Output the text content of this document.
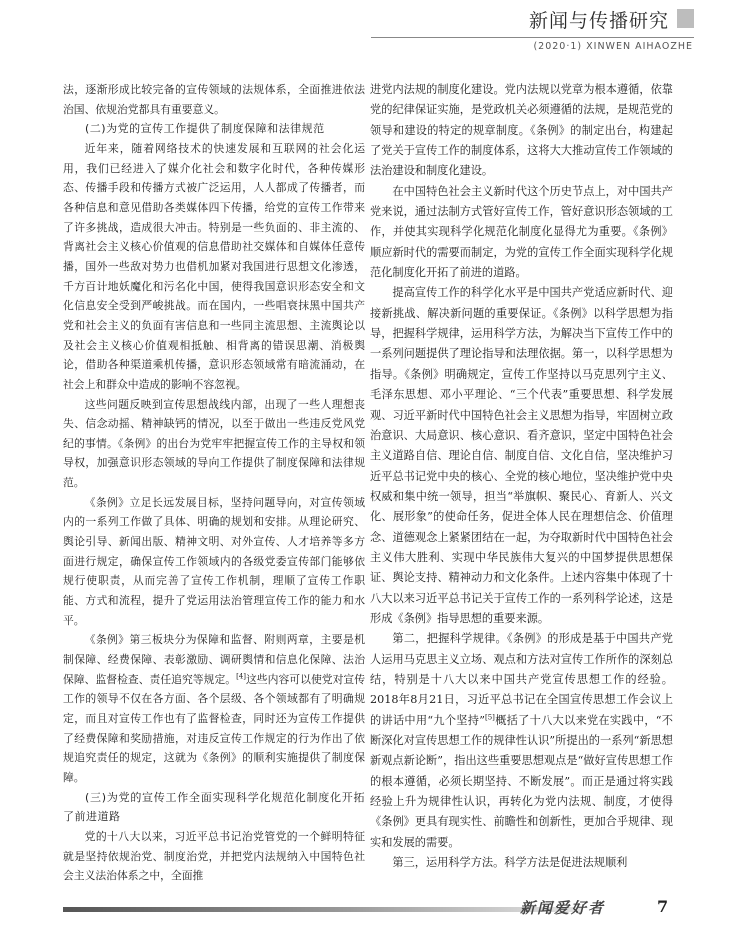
新闻与传播研究
(2020·1) XINWEN AIHAOZHE

法，逐渐形成比较完备的宣传领域的法规体系，全面推进依法治国、依规治党都具有重要意义。

(二)为党的宣传工作提供了制度保障和法律规范

近年来，随着网络技术的快速发展和互联网的社会化运用，我们已经进入了媒介化社会和数字化时代，各种传媒形态、传播手段和传播方式被广泛运用，人人都成了传播者，而各种信息和意见借助各类媒体四下传播，给党的宣传工作带来了许多挑战，造成很大冲击。特别是一些负面的、非主流的、背离社会主义核心价值观的信息借助社交媒体和自媒体任意传播，国外一些敌对势力也借机加紧对我国进行思想文化渗透，千方百计地妖魔化和污名化中国，使得我国意识形态安全和文化信息安全受到严峻挑战。而在国内，一些唱衰抹黑中国共产党和社会主义的负面有害信息和一些同主流思想、主流舆论以及社会主义核心价值观相抵触、相背离的错误思潮、消极舆论，借助各种渠道乘机传播，意识形态领域常有暗流涌动，在社会上和群众中造成的影响不容忽视。

这些问题反映到宣传思想战线内部，出现了一些人理想丧失、信念动摇、精神缺钙的情况，以至于做出一些违反党风党纪的事情。《条例》的出台为党牢牢把握宣传工作的主导权和领导权，加强意识形态领域的导向工作提供了制度保障和法律规范。

《条例》立足长远发展目标，坚持问题导向，对宣传领域内的一系列工作做了具体、明确的规划和安排。从理论研究、舆论引导、新闻出版、精神文明、对外宣传、人才培养等多方面进行规定，确保宣传工作领域内的各级党委宣传部门能够依规行使职责，从而完善了宣传工作机制，理顺了宣传工作职能、方式和流程，提升了党运用法治管理宣传工作的能力和水平。

《条例》第三板块分为保障和监督、附则两章，主要是机制保障、经费保障、表彰激励、调研舆情和信息化保障、法治保障、监督检查、责任追究等规定。[4]这些内容可以使党对宣传工作的领导不仅在各方面、各个层级、各个领域都有了明确规定，而且对宣传工作也有了监督检查，同时还为宣传工作提供了经费保障和奖励措施，对违反宣传工作规定的行为作出了依规追究责任的规定，这就为《条例》的顺利实施提供了制度保障。

(三)为党的宣传工作全面实现科学化规范化制度化开拓了前进道路

党的十八大以来，习近平总书记治党管党的一个鲜明特征就是坚持依规治党、制度治党，并把党内法规纳入中国特色社会主义法治体系之中，全面推

进党内法规的制度化建设。党内法规以党章为根本遵循，依靠党的纪律保证实施，是党政机关必须遵循的法规，是规范党的领导和建设的特定的规章制度。《条例》的制定出台，构建起了党关于宣传工作的制度体系，这将大大推动宣传工作领域的法治建设和制度化建设。

在中国特色社会主义新时代这个历史节点上，对中国共产党来说，通过法制方式管好宣传工作，管好意识形态领域的工作，并使其实现科学化规范化制度化显得尤为重要。《条例》顺应新时代的需要而制定，为党的宣传工作全面实现科学化规范化制度化开拓了前进的道路。

提高宣传工作的科学化水平是中国共产党适应新时代、迎接新挑战、解决新问题的重要保证。《条例》以科学思想为指导，把握科学规律，运用科学方法，为解决当下宣传工作中的一系列问题提供了理论指导和法理依据。第一，以科学思想为指导。《条例》明确规定，宣传工作坚持以马克思列宁主义、毛泽东思想、邓小平理论、“三个代表”重要思想、科学发展观、习近平新时代中国特色社会主义思想为指导，牢固树立政治意识、大局意识、核心意识、看齐意识，坚定中国特色社会主义道路自信、理论自信、制度自信、文化自信，坚决维护习近平总书记党中央的核心、全党的核心地位，坚决维护党中央权威和集中统一领导，担当“举旗帜、聚民心、育新人、兴文化、展形象”的使命任务，促进全体人民在理想信念、价值理念、道德观念上紧紧团结在一起，为夺取新时代中国特色社会主义伟大胜利、实现中华民族伟大复兴的中国梦提供思想保证、舆论支持、精神动力和文化条件。上述内容集中体现了十八大以来习近平总书记关于宣传工作的一系列科学论述，这是形成《条例》指导思想的重要来源。

第二，把握科学规律。《条例》的形成是基于中国共产党人运用马克思主义立场、观点和方法对宣传工作所作的深刻总结，特别是十八大以来中国共产党宣传思想工作的经验。2018年8月21日，习近平总书记在全国宣传思想工作会议上的讲话中用“九个坚持”[5]概括了十八大以来党在实践中，“不断深化对宣传思想工作的规律性认识”所提出的一系列“新思想新观点新论断”，指出这些重要思想观点是“做好宣传思想工作的根本遵循，必须长期坚持、不断发展”。而正是通过将实践经验上升为规律性认识，再转化为党内法规、制度，才使得《条例》更具有现实性、前瞻性和创新性，更加合乎规律、现实和发展的需要。

第三，运用科学方法。科学方法是促进法规顺利

新闻爱好者	7
